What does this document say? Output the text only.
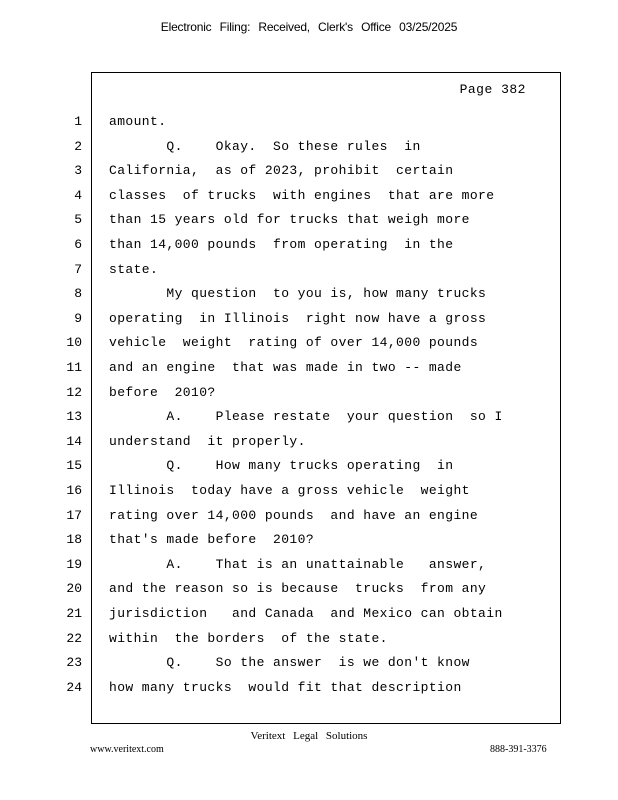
Electronic Filing: Received, Clerk's Office 03/25/2025
Page 382
1 amount.
2 Q.    Okay.  So these rules  in
3 California,  as of 2023, prohibit  certain
4 classes  of trucks  with engines  that are more
5 than 15 years old for trucks that weigh more
6 than 14,000 pounds  from operating  in the
7 state.
8 My question  to you is, how many trucks
9 operating  in Illinois  right now have a gross
10 vehicle  weight  rating of over 14,000 pounds
11 and an engine  that was made in two -- made
12 before  2010?
13 A.    Please restate  your question  so I
14 understand  it properly.
15 Q.    How many trucks operating  in
16 Illinois  today have a gross vehicle  weight
17 rating over 14,000 pounds  and have an engine
18 that's made before  2010?
19 A.    That is an unattainable   answer,
20 and the reason so is because  trucks  from any
21 jurisdiction   and Canada  and Mexico can obtain
22 within  the borders  of the state.
23 Q.    So the answer  is we don't know
24 how many trucks  would fit that description
Veritext Legal Solutions
www.veritext.com	888-391-3376
